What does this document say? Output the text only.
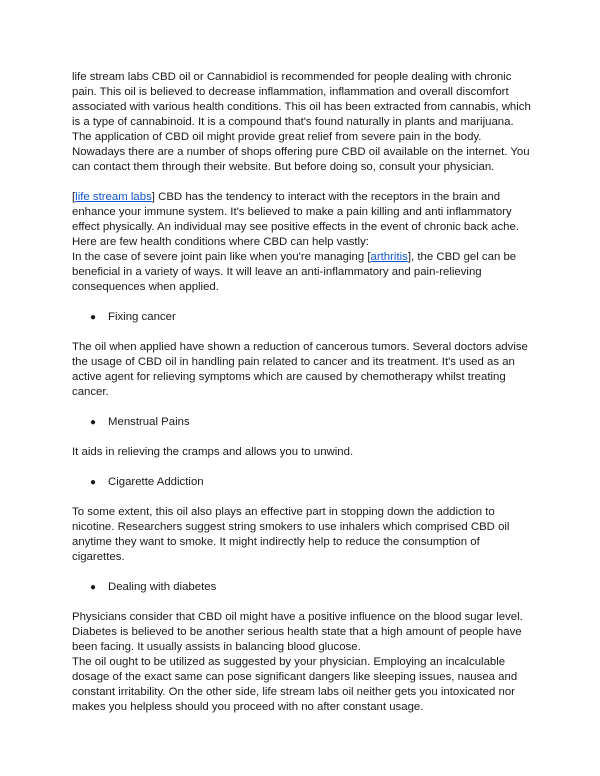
life stream labs CBD oil or Cannabidiol is recommended for people dealing with chronic pain. This oil is believed to decrease inflammation, inflammation and overall discomfort associated with various health conditions. This oil has been extracted from cannabis, which is a type of cannabinoid. It is a compound that's found naturally in plants and marijuana. The application of CBD oil might provide great relief from severe pain in the body.

Nowadays there are a number of shops offering pure CBD oil available on the internet. You can contact them through their website. But before doing so, consult your physician.

[life stream labs] CBD has the tendency to interact with the receptors in the brain and enhance your immune system. It's believed to make a pain killing and anti inflammatory effect physically. An individual may see positive effects in the event of chronic back ache.

Here are few health conditions where CBD can help vastly:

In the case of severe joint pain like when you're managing [arthritis], the CBD gel can be beneficial in a variety of ways. It will leave an anti-inflammatory and pain-relieving consequences when applied.

●	Fixing cancer

The oil when applied have shown a reduction of cancerous tumors. Several doctors advise the usage of CBD oil in handling pain related to cancer and its treatment. It's used as an active agent for relieving symptoms which are caused by chemotherapy whilst treating cancer.

●	Menstrual Pains

It aids in relieving the cramps and allows you to unwind.

●	Cigarette Addiction

To some extent, this oil also plays an effective part in stopping down the addiction to nicotine. Researchers suggest string smokers to use inhalers which comprised CBD oil anytime they want to smoke. It might indirectly help to reduce the consumption of cigarettes.

●	Dealing with diabetes

Physicians consider that CBD oil might have a positive influence on the blood sugar level. Diabetes is believed to be another serious health state that a high amount of people have been facing. It usually assists in balancing blood glucose.

The oil ought to be utilized as suggested by your physician. Employing an incalculable dosage of the exact same can pose significant dangers like sleeping issues, nausea and constant irritability. On the other side, life stream labs oil neither gets you intoxicated nor makes you helpless should you proceed with no after constant usage.
